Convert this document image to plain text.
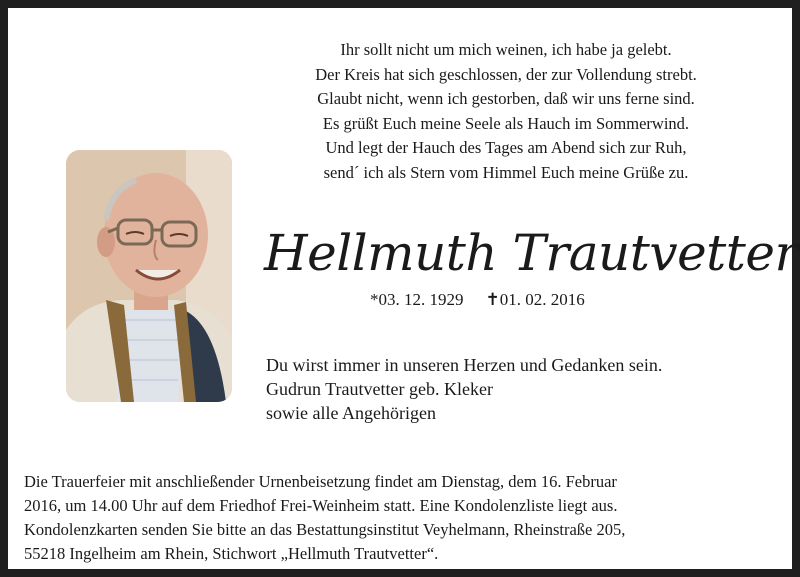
Ihr sollt nicht um mich weinen, ich habe ja gelebt.
Der Kreis hat sich geschlossen, der zur Vollendung strebt.
Glaubt nicht, wenn ich gestorben, daß wir uns ferne sind.
Es grüßt Euch meine Seele als Hauch im Sommerwind.
Und legt der Hauch des Tages am Abend sich zur Ruh,
send´ ich als Stern vom Himmel Euch meine Grüße zu.
Hellmuth Trautvetter
*03. 12. 1929 ✝01. 02. 2016
Du wirst immer in unseren Herzen und Gedanken sein.
Gudrun Trautvetter geb. Kleker
sowie alle Angehörigen
Die Trauerfeier mit anschließender Urnenbeisetzung findet am Dienstag, dem 16. Februar
2016, um 14.00 Uhr auf dem Friedhof Frei-Weinheim statt. Eine Kondolenzliste liegt aus.
Kondolenzkarten senden Sie bitte an das Bestattungsinstitut Veyhelmann, Rheinstraße 205,
55218 Ingelheim am Rhein, Stichwort „Hellmuth Trautvetter“.
